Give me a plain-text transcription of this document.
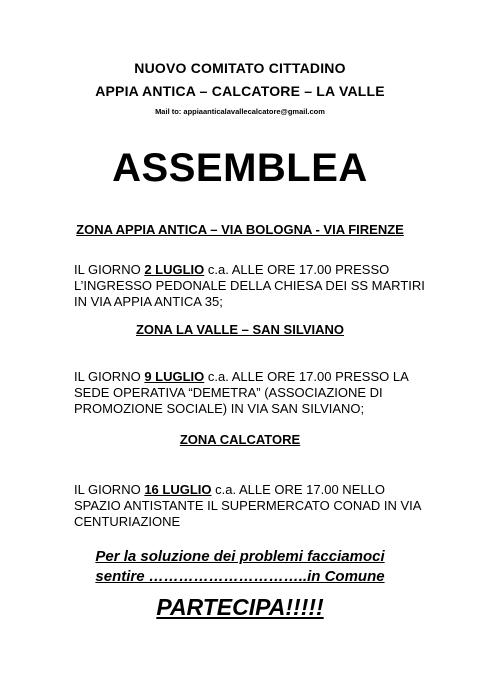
NUOVO COMITATO CITTADINO
APPIA ANTICA – CALCATORE – LA VALLE
Mail to: appiaanticalavallecalcatore@gmail.com
ASSEMBLEA
ZONA APPIA ANTICA – VIA BOLOGNA - VIA FIRENZE
IL GIORNO 2 LUGLIO c.a. ALLE ORE 17.00 PRESSO
L’INGRESSO PEDONALE DELLA CHIESA DEI SS MARTIRI
IN VIA APPIA ANTICA 35;
ZONA LA VALLE – SAN SILVIANO
IL GIORNO 9 LUGLIO c.a. ALLE ORE 17.00 PRESSO LA
SEDE OPERATIVA “DEMETRA” (ASSOCIAZIONE DI
PROMOZIONE SOCIALE) IN VIA SAN SILVIANO;
ZONA CALCATORE
IL GIORNO 16 LUGLIO c.a. ALLE ORE 17.00 NELLO
SPAZIO ANTISTANTE IL SUPERMERCATO CONAD IN VIA
CENTURIAZIONE
Per la soluzione dei problemi facciamoci
sentire …………………………..in Comune
PARTECIPA!!!!!
